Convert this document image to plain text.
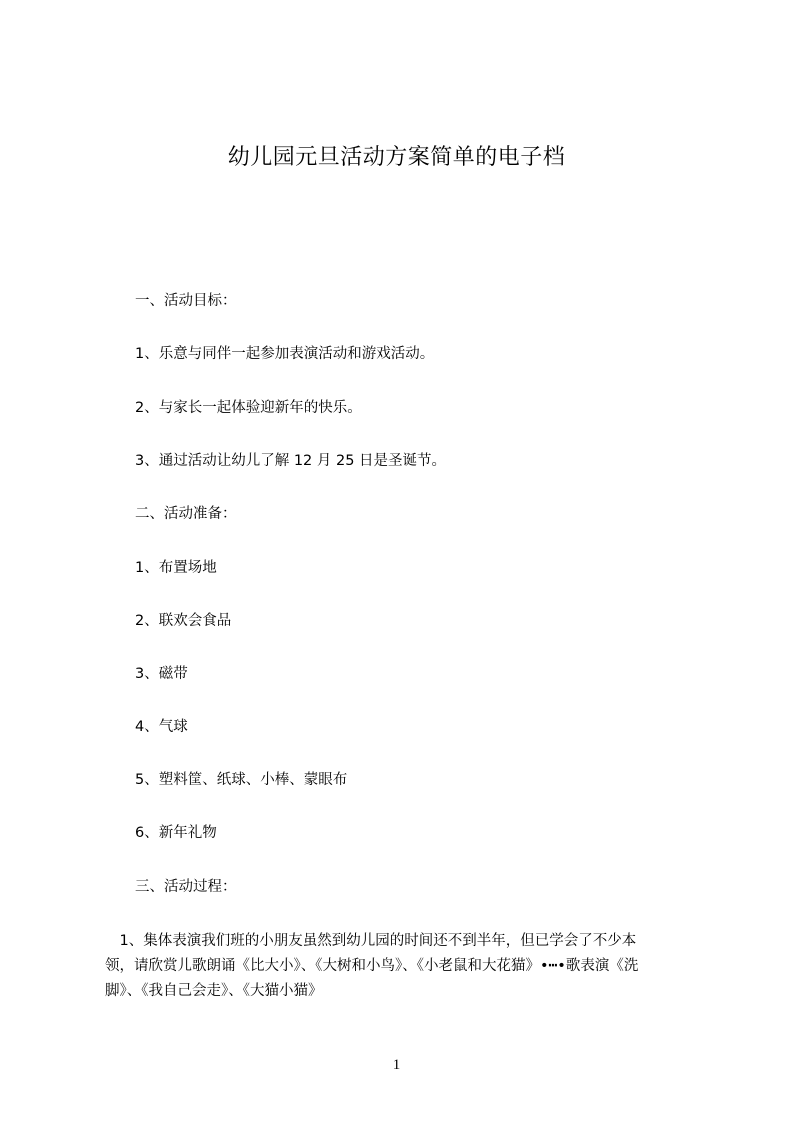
幼儿园元旦活动方案简单的电子档
一、活动目标：
1、乐意与同伴一起参加表演活动和游戏活动。
2、与家长一起体验迎新年的快乐。
3、通过活动让幼儿了解 12 月 25 日是圣诞节。
二、活动准备：
1、布置场地
2、联欢会食品
3、磁带
4、气球
5、塑料筐、纸球、小棒、蒙眼布
6、新年礼物
三、活动过程：
　1、集体表演我们班的小朋友虽然到幼儿园的时间还不到半年，但已学会了不少本
领，请欣赏儿歌朗诵《比大小》、《大树和小鸟》、《小老鼠和大花猫》•┅•歌表演《洗
脚》、《我自己会走》、《大猫小猫》
1
